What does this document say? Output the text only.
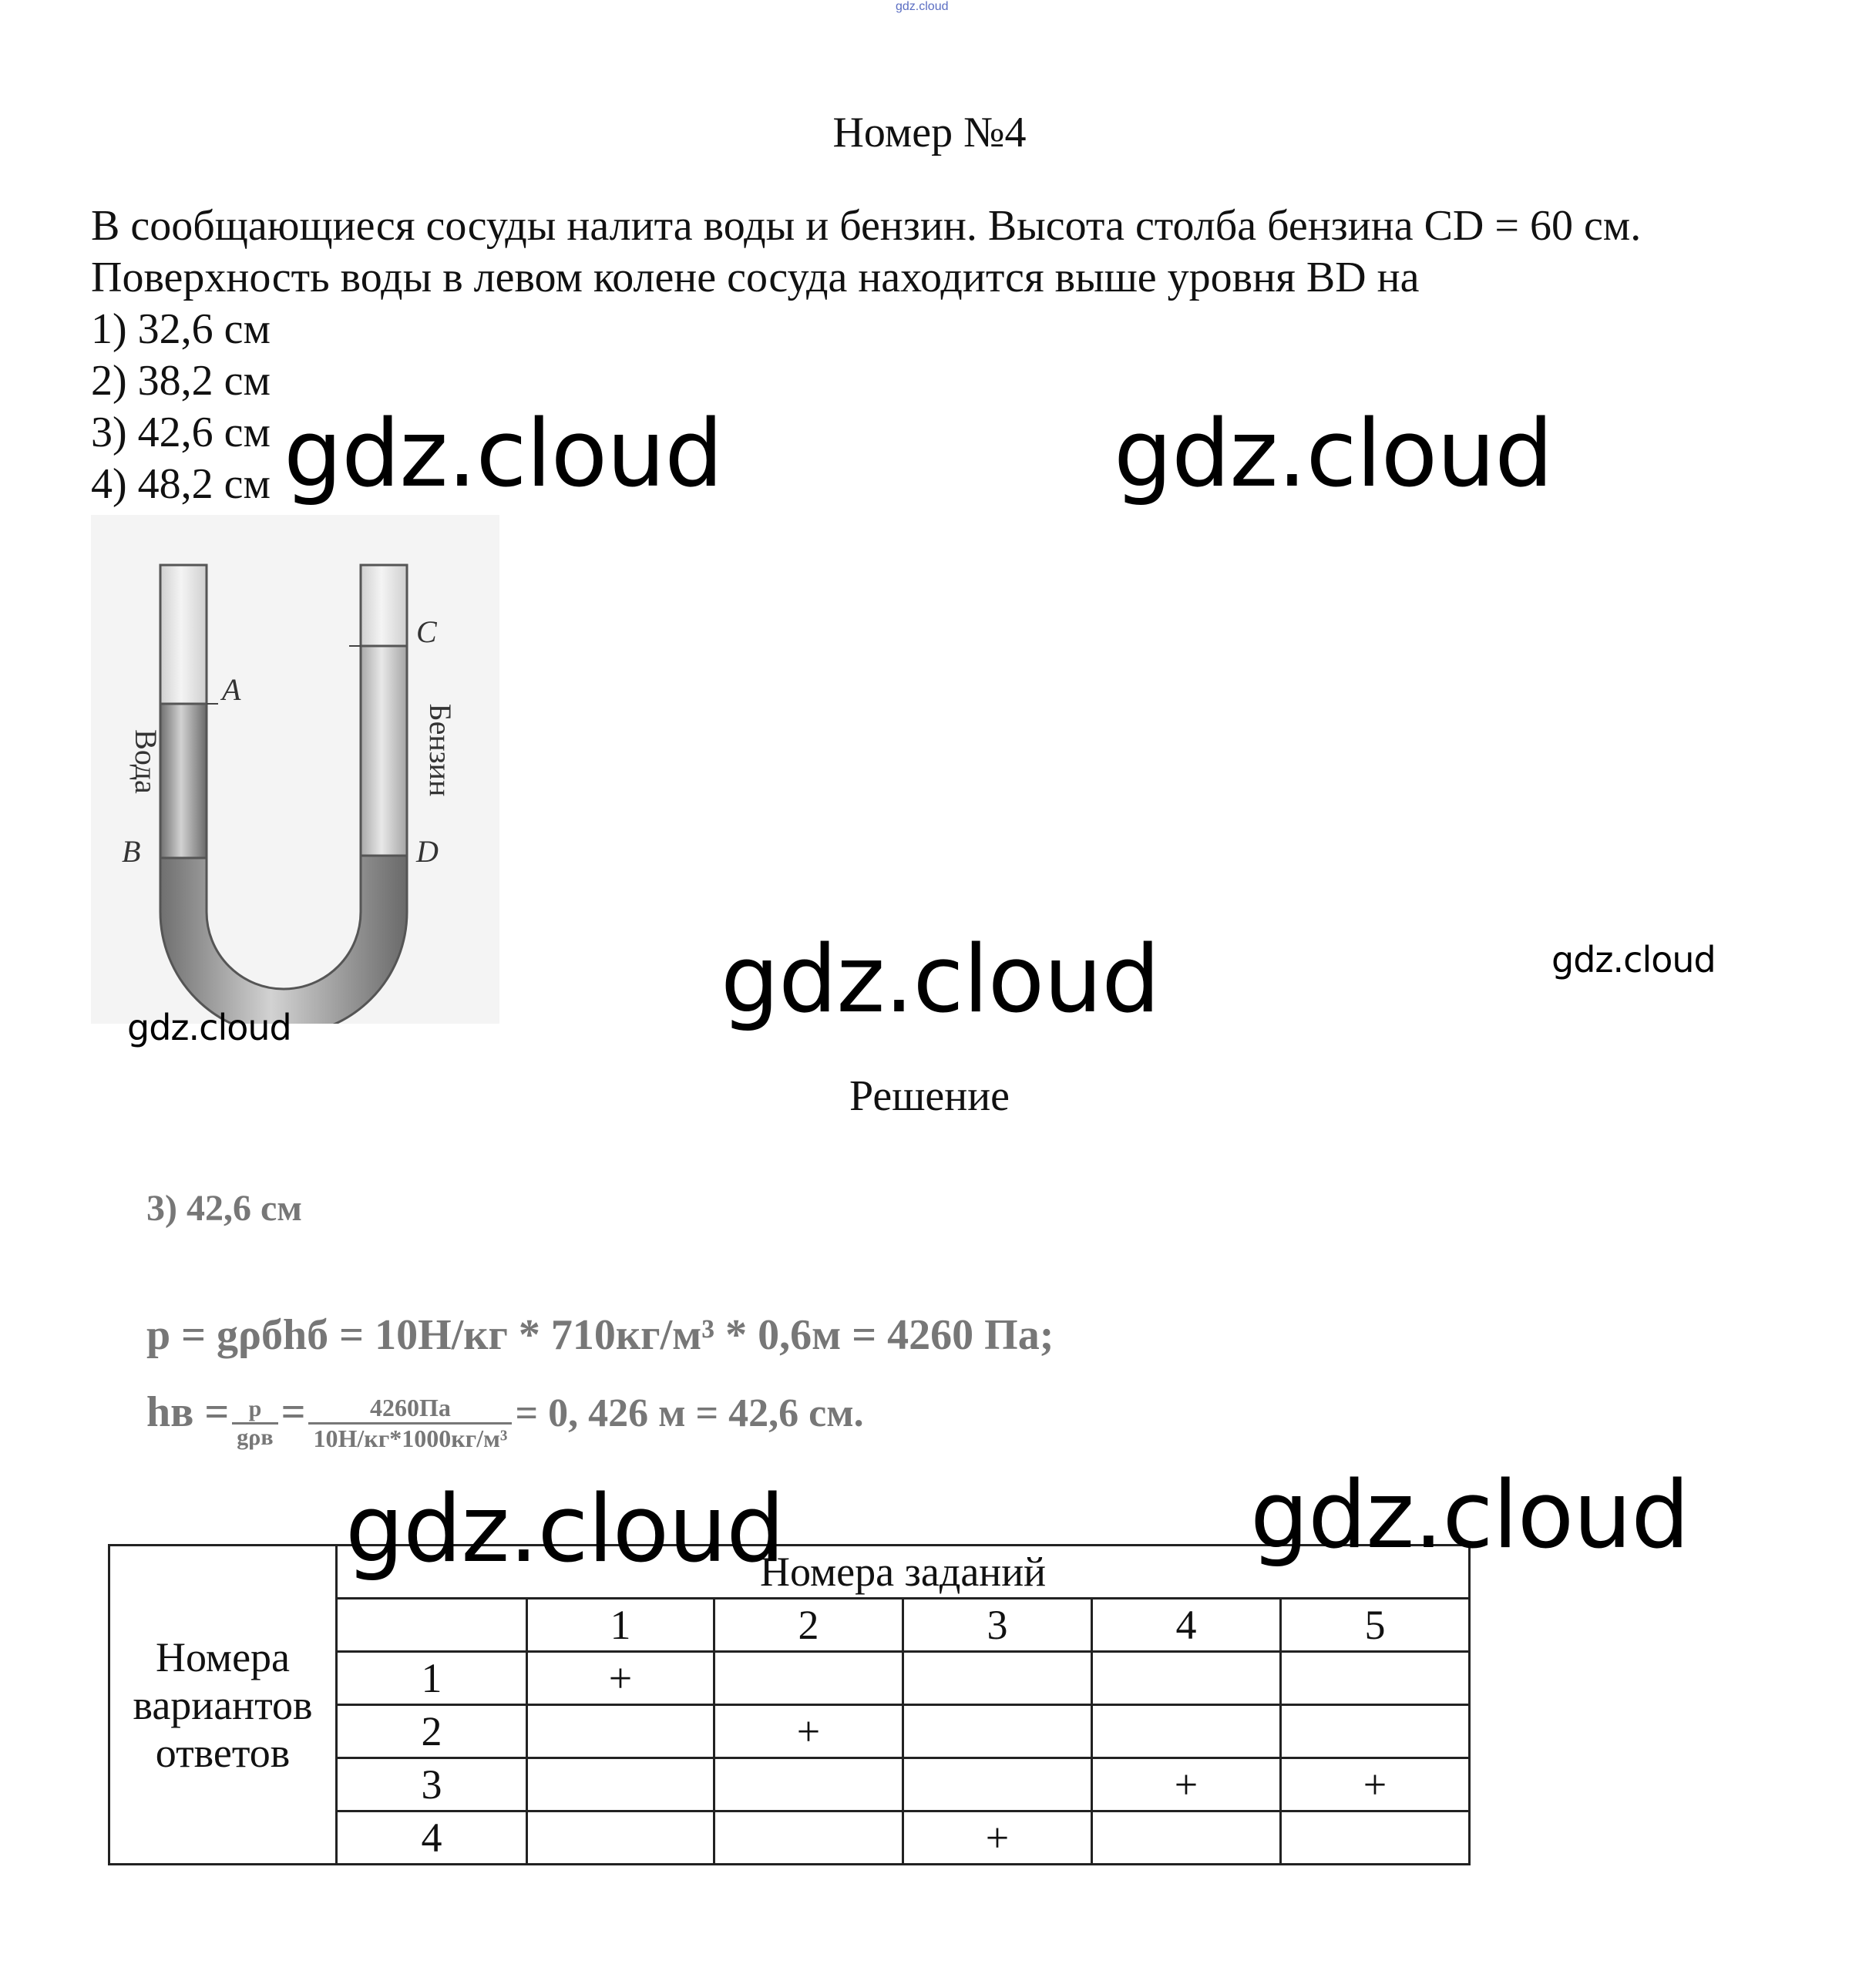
gdz.cloud
Номер №4
В сообщающиеся сосуды налита воды и бензин. Высота столба бензина CD = 60 см.
Поверхность воды в левом колене сосуда находится выше уровня BD на
1) 32,6 см
2) 38,2 см
3) 42,6 см
4) 48,2 см
Вода	Бензин
A
B
C
D
Решение
3) 42,6 см
p = gρбhб = 10Н/кг * 710кг/м³ * 0,6м = 4260 Па;
hв = $\frac{p}{\text{gρв}} = \frac{4260Па}{\text{10Н/кг*1000кг/м³}} = 0$, 426 м = 42,6 см.
Номера вариантов ответов	Номера заданий					
		1	2	3	4	5
	1	+				
	2		+			
	3				+	+
	4			+		
gdz.cloud	gdz.cloud
gdz.cloud	gdz.cloud
gdz.cloud
gdz.cloud	gdz.cloud
